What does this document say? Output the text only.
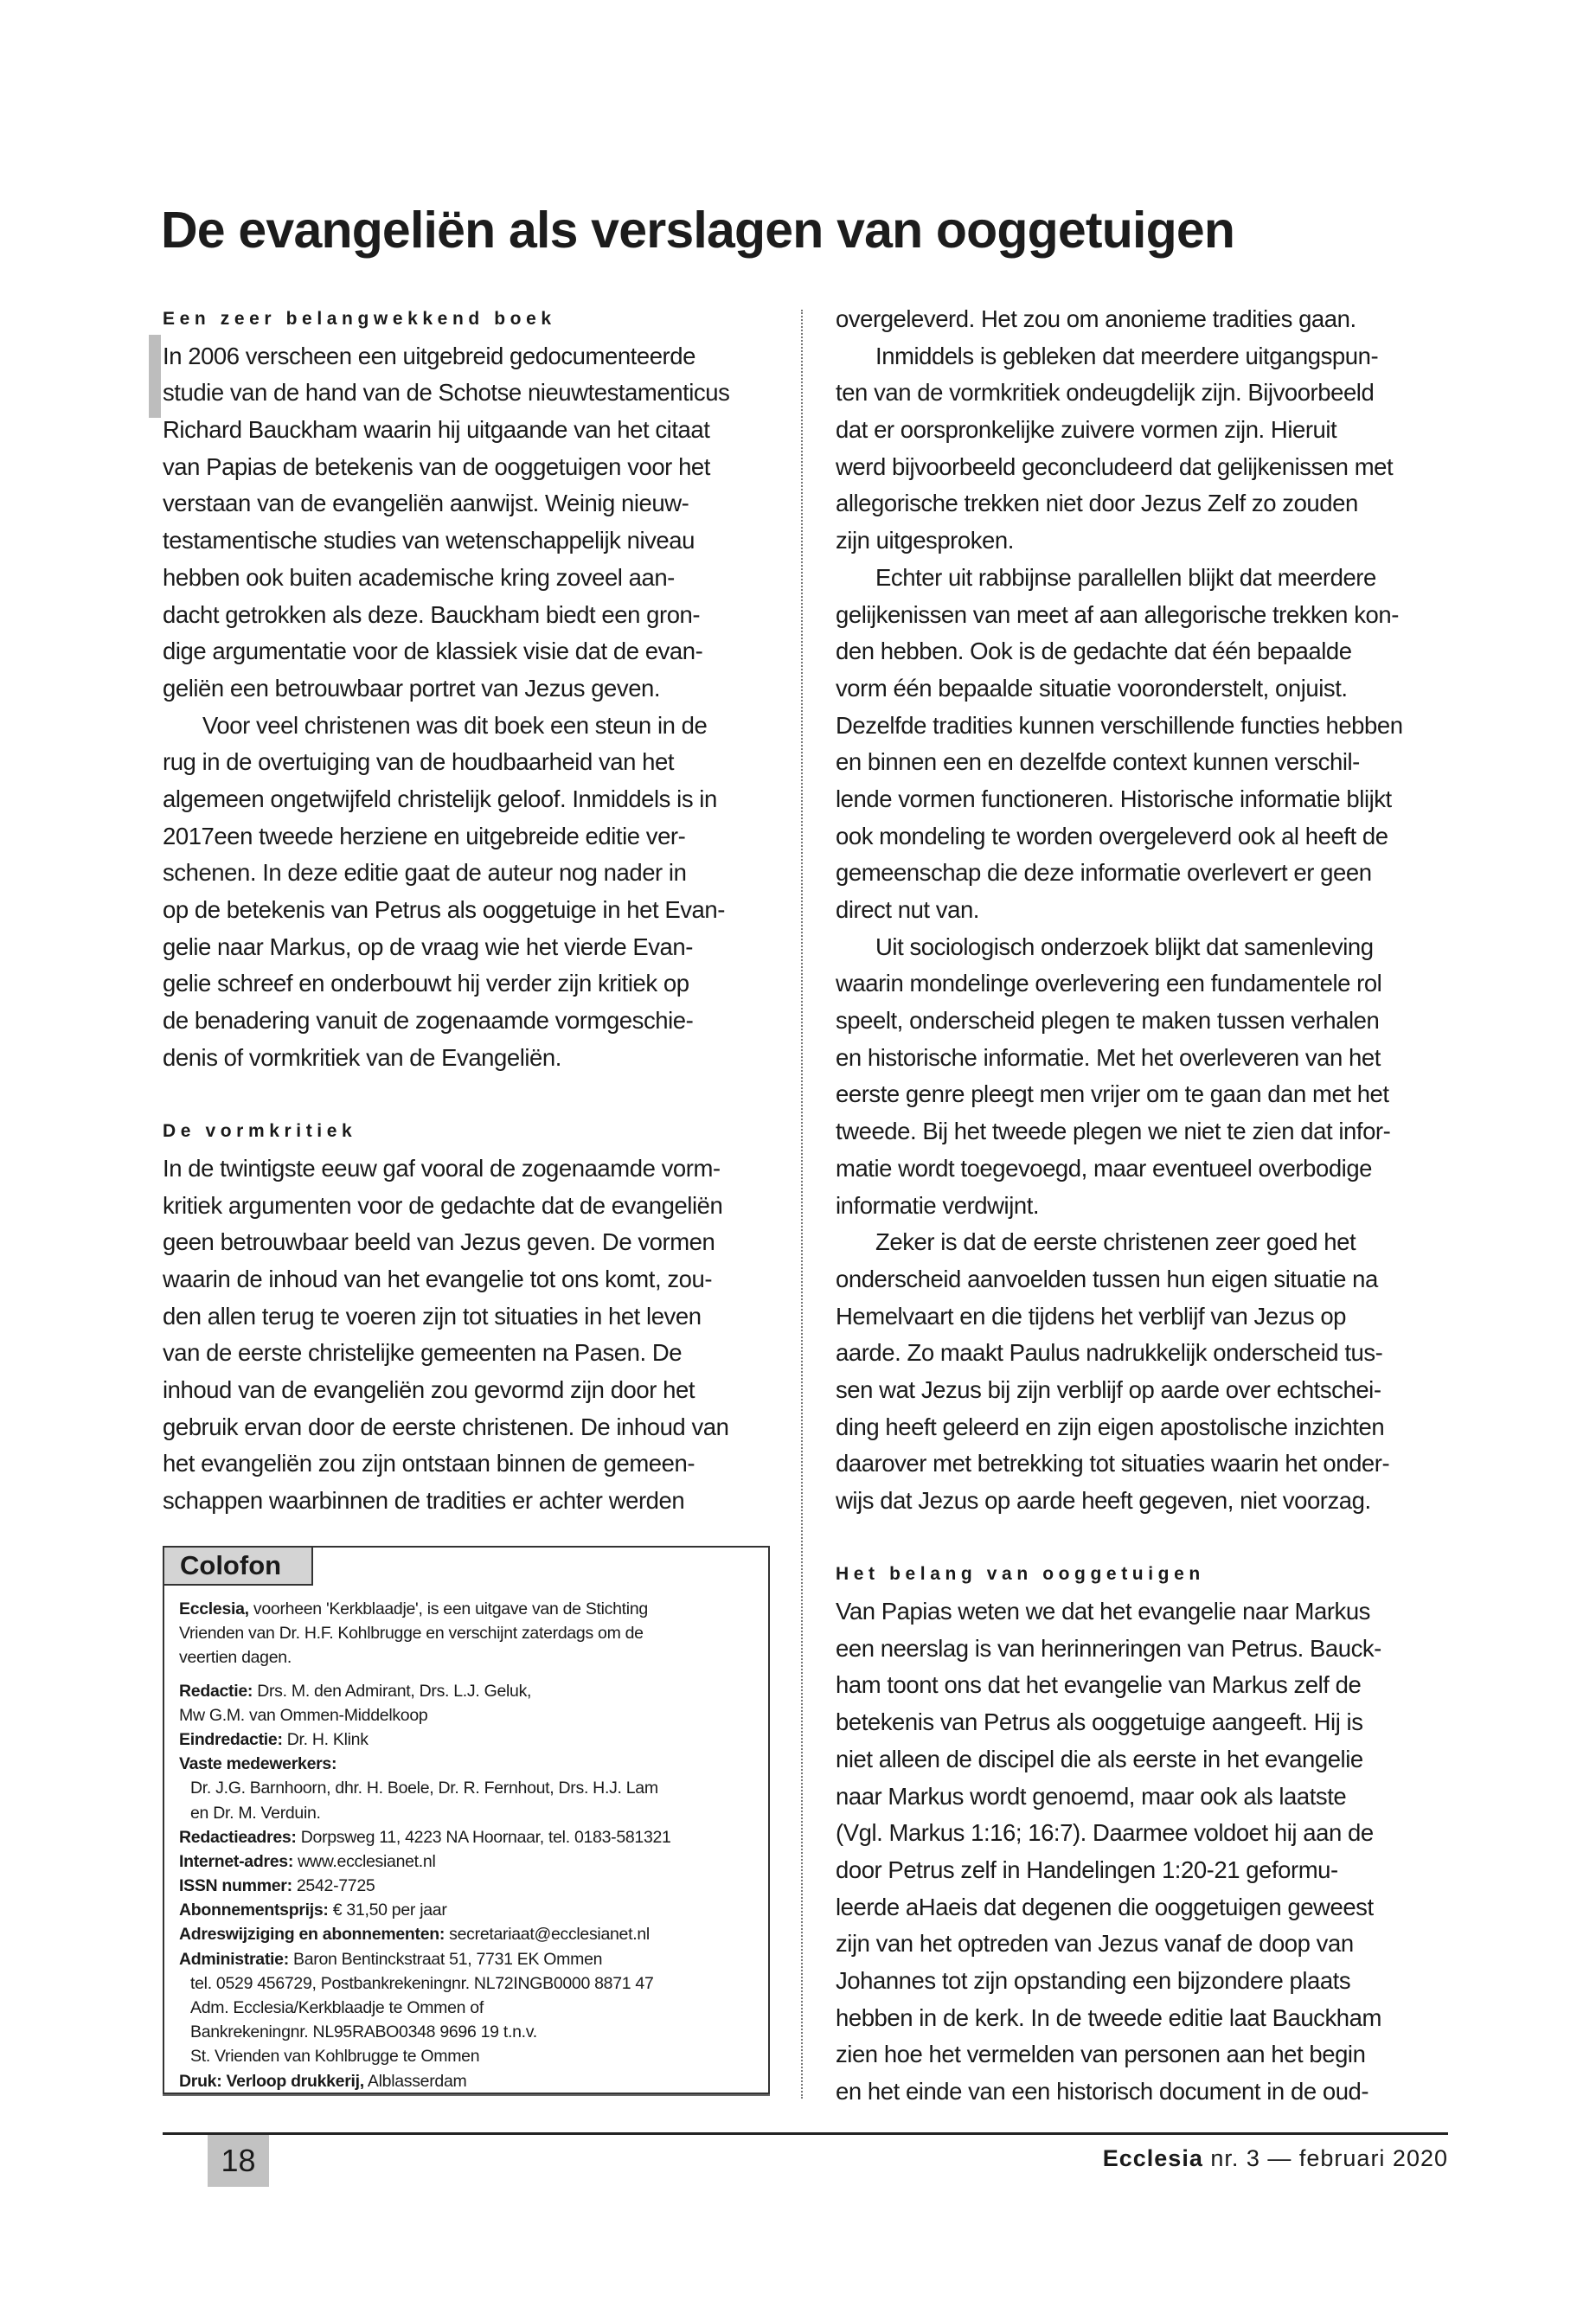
De evangeliën als verslagen van ooggetuigen
Een zeer belangwekkend boek
In 2006 verscheen een uitgebreid gedocumenteerde
studie van de hand van de Schotse nieuwtestamenticus
Richard Bauckham waarin hij uitgaande van het citaat
van Papias de betekenis van de ooggetuigen voor het
verstaan van de evangeliën aanwijst. Weinig nieuw-
testamentische studies van wetenschappelijk niveau
hebben ook buiten academische kring zoveel aan-
dacht getrokken als deze. Bauckham biedt een gron-
dige argumentatie voor de klassiek visie dat de evan-
geliën een betrouwbaar portret van Jezus geven.
Voor veel christenen was dit boek een steun in de
rug in de overtuiging van de houdbaarheid van het
algemeen ongetwijfeld christelijk geloof. Inmiddels is in
2017een tweede herziene en uitgebreide editie ver-
schenen. In deze editie gaat de auteur nog nader in
op de betekenis van Petrus als ooggetuige in het Evan-
gelie naar Markus, op de vraag wie het vierde Evan-
gelie schreef en onderbouwt hij verder zijn kritiek op
de benadering vanuit de zogenaamde vormgeschie-
denis of vormkritiek van de Evangeliën.
De vormkritiek
In de twintigste eeuw gaf vooral de zogenaamde vorm-
kritiek argumenten voor de gedachte dat de evangeliën
geen betrouwbaar beeld van Jezus geven. De vormen
waarin de inhoud van het evangelie tot ons komt, zou-
den allen terug te voeren zijn tot situaties in het leven
van de eerste christelijke gemeenten na Pasen. De
inhoud van de evangeliën zou gevormd zijn door het
gebruik ervan door de eerste christenen. De inhoud van
het evangeliën zou zijn ontstaan binnen de gemeen-
schappen waarbinnen de tradities er achter werden
overgeleverd. Het zou om anonieme tradities gaan.
Inmiddels is gebleken dat meerdere uitgangspun-
ten van de vormkritiek ondeugdelijk zijn. Bijvoorbeeld
dat er oorspronkelijke zuivere vormen zijn. Hieruit
werd bijvoorbeeld geconcludeerd dat gelijkenissen met
allegorische trekken niet door Jezus Zelf zo zouden
zijn uitgesproken.
Echter uit rabbijnse parallellen blijkt dat meerdere
gelijkenissen van meet af aan allegorische trekken kon-
den hebben. Ook is de gedachte dat één bepaalde
vorm één bepaalde situatie vooronderstelt, onjuist.
Dezelfde tradities kunnen verschillende functies hebben
en binnen een en dezelfde context kunnen verschil-
lende vormen functioneren. Historische informatie blijkt
ook mondeling te worden overgeleverd ook al heeft de
gemeenschap die deze informatie overlevert er geen
direct nut van.
Uit sociologisch onderzoek blijkt dat samenleving
waarin mondelinge overlevering een fundamentele rol
speelt, onderscheid plegen te maken tussen verhalen
en historische informatie. Met het overleveren van het
eerste genre pleegt men vrijer om te gaan dan met het
tweede. Bij het tweede plegen we niet te zien dat infor-
matie wordt toegevoegd, maar eventueel overbodige
informatie verdwijnt.
Zeker is dat de eerste christenen zeer goed het
onderscheid aanvoelden tussen hun eigen situatie na
Hemelvaart en die tijdens het verblijf van Jezus op
aarde. Zo maakt Paulus nadrukkelijk onderscheid tus-
sen wat Jezus bij zijn verblijf op aarde over echtschei-
ding heeft geleerd en zijn eigen apostolische inzichten
daarover met betrekking tot situaties waarin het onder-
wijs dat Jezus op aarde heeft gegeven, niet voorzag.
Het belang van ooggetuigen
Van Papias weten we dat het evangelie naar Markus
een neerslag is van herinneringen van Petrus. Bauck-
ham toont ons dat het evangelie van Markus zelf de
betekenis van Petrus als ooggetuige aangeeft. Hij is
niet alleen de discipel die als eerste in het evangelie
naar Markus wordt genoemd, maar ook als laatste
(Vgl. Markus 1:16; 16:7). Daarmee voldoet hij aan de
door Petrus zelf in Handelingen 1:20-21 geformu-
leerde aHaeis dat degenen die ooggetuigen geweest
zijn van het optreden van Jezus vanaf de doop van
Johannes tot zijn opstanding een bijzondere plaats
hebben in de kerk. In de tweede editie laat Bauckham
zien hoe het vermelden van personen aan het begin
en het einde van een historisch document in de oud-
Colofon
Ecclesia, voorheen 'Kerkblaadje', is een uitgave van de Stichting
Vrienden van Dr. H.F. Kohlbrugge en verschijnt zaterdags om de
veertien dagen.
Redactie: Drs. M. den Admirant, Drs. L.J. Geluk,
Mw G.M. van Ommen-Middelkoop
Eindredactie: Dr. H. Klink
Vaste medewerkers:
Dr. J.G. Barnhoorn, dhr. H. Boele, Dr. R. Fernhout, Drs. H.J. Lam
en Dr. M. Verduin.
Redactieadres: Dorpsweg 11, 4223 NA Hoornaar, tel. 0183-581321
Internet-adres: www.ecclesianet.nl
ISSN nummer: 2542-7725
Abonnementsprijs: € 31,50 per jaar
Adreswijziging en abonnementen: secretariaat@ecclesianet.nl
Administratie: Baron Bentinckstraat 51, 7731 EK Ommen
tel. 0529 456729, Postbankrekeningnr. NL72INGB0000 8871 47
Adm. Ecclesia/Kerkblaadje te Ommen of
Bankrekeningnr. NL95RABO0348 9696 19 t.n.v.
St. Vrienden van Kohlbrugge te Ommen
Druk: Verloop drukkerij, Alblasserdam
18	Ecclesia nr. 3 — februari 2020
